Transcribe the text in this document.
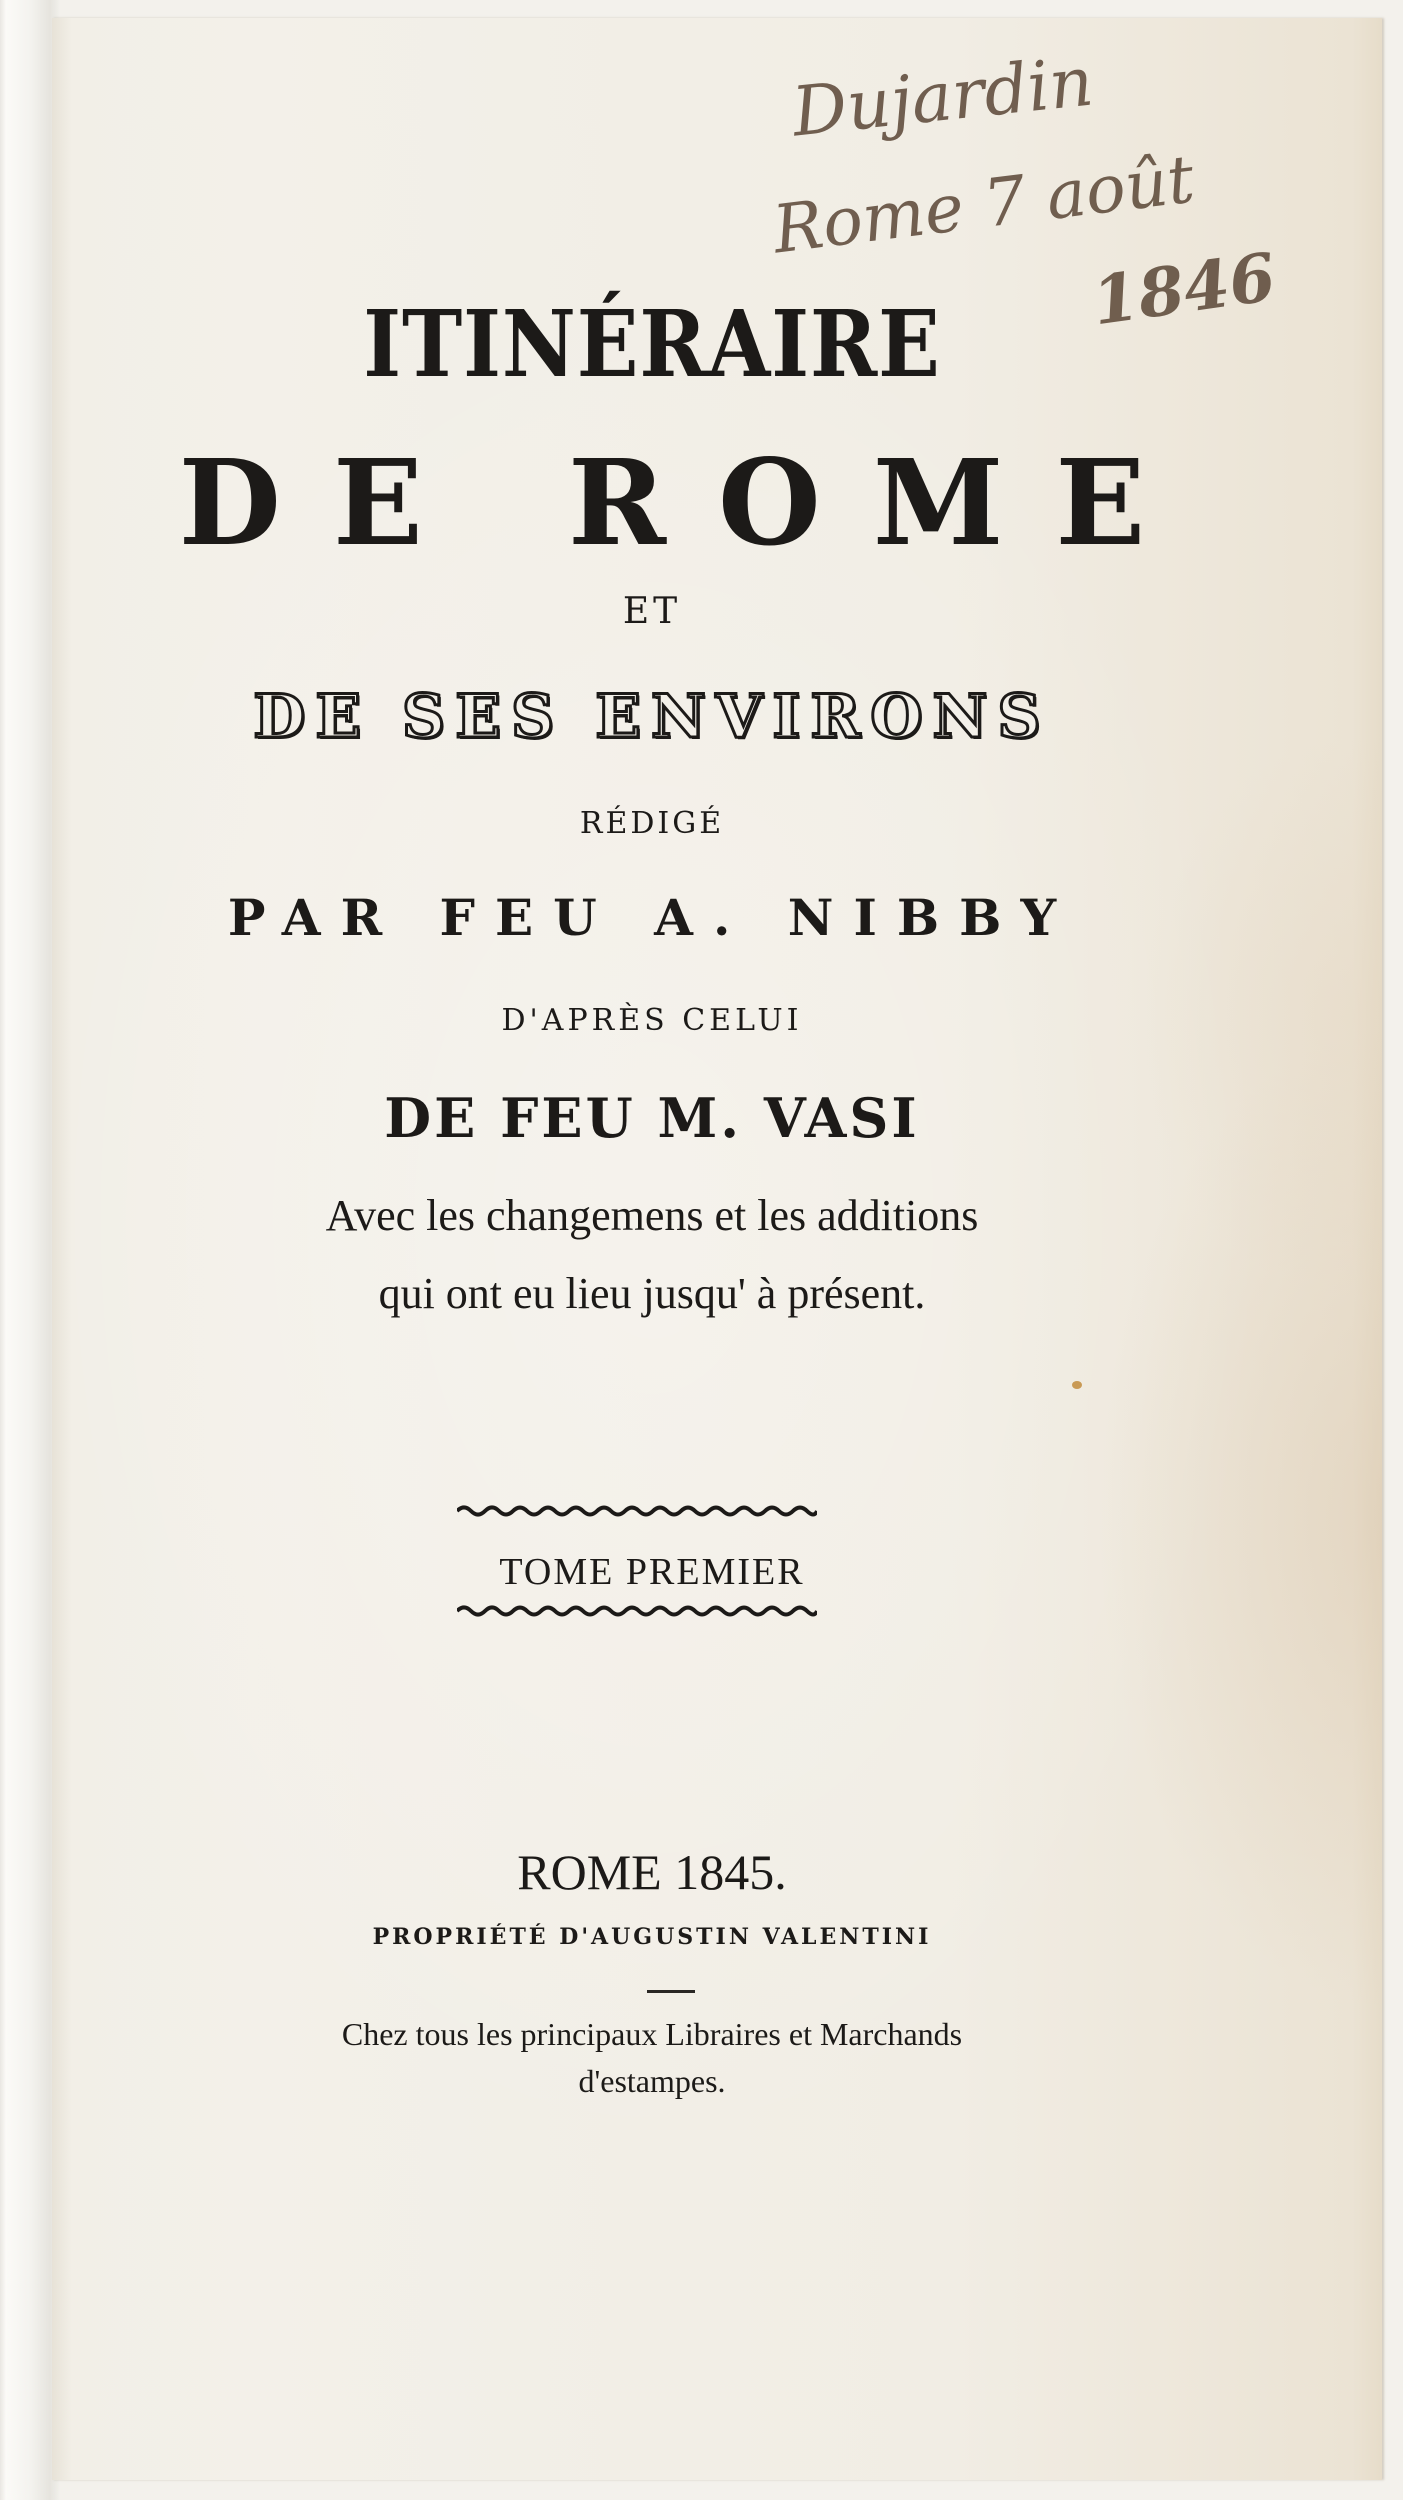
Dujardin
Rome 7 août
1846
ITINÉRAIRE
DE ROME
ET
DE SES ENVIRONS
RÉDIGÉ
PAR FEU A. NIBBY
D'APRÈS CELUI
DE FEU M. VASI
Avec les changemens et les additions
qui ont eu lieu jusqu' à présent.
TOME PREMIER
ROME 1845.
PROPRIÉTÉ D'AUGUSTIN VALENTINI
Chez tous les principaux Libraires et Marchands
d'estampes.
